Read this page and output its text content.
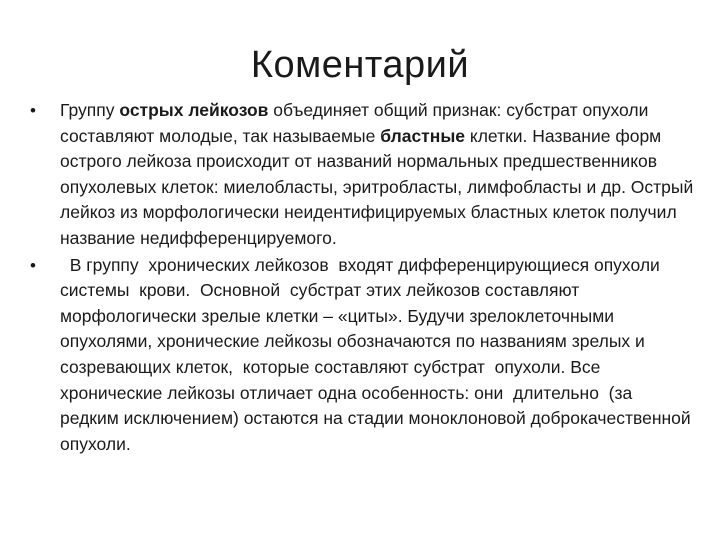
Коментарий
• Группу острых лейкозов объединяет общий признак: субстрат опухоли составляют молодые, так называемые бластные клетки. Название форм острого лейкоза происходит от названий нормальных предшественников опухолевых клеток: миелобласты, эритробласты, лимфобласты и др. Острый лейкоз из морфологически неидентифицируемых бластных клеток получил название недифференцируемого.
• В группу  хронических лейкозов  входят дифференцирующиеся опухоли системы  крови.  Основной  субстрат этих лейкозов составляют морфологически зрелые клетки – «циты». Будучи зрелоклеточными опухолями, хронические лейкозы обозначаются по названиям зрелых и созревающих клеток,  которые составляют субстрат  опухоли. Все хронические лейкозы отличает одна особенность: они  длительно  (за  редким исключением) остаются на стадии моноклоновой доброкачественной опухоли.
